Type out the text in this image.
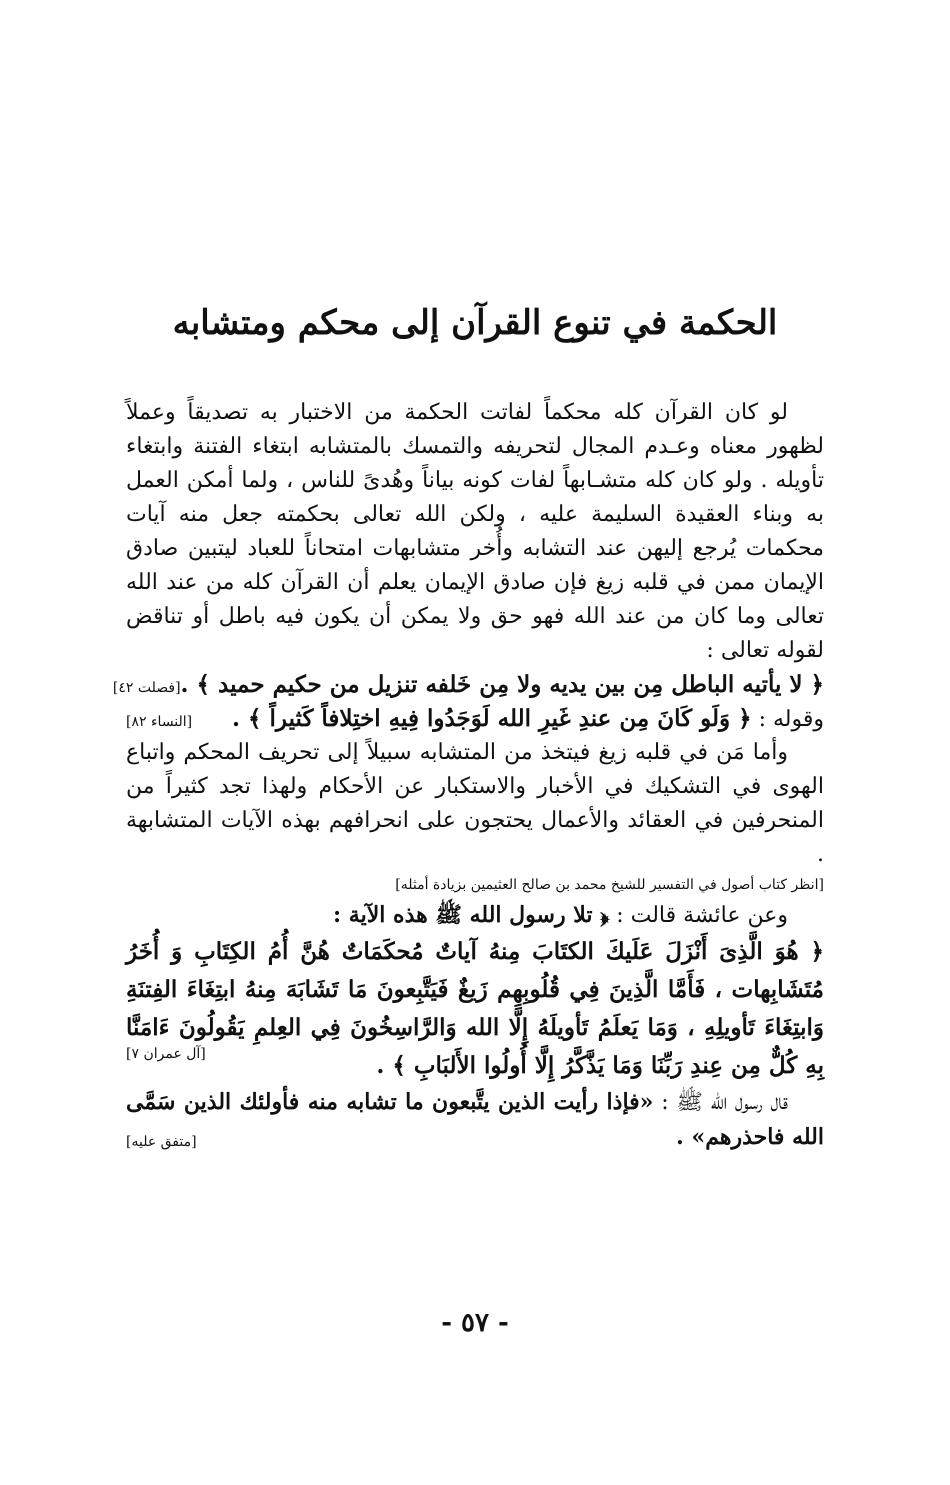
الحكمة في تنوع القرآن إلى محكم ومتشابه

لو كان القرآن كله محكماً لفاتت الحكمة من الاختبار به تصديقاً وعملاً لظهور معناه وعـدم المجال لتحريفه والتمسك بالمتشابه ابتغاء الفتنة وابتغاء تأويله . ولو كان كله متشـابهاً لفات كونه بياناً وهُدىً للناس ، ولما أمكن العمل به وبناء العقيدة السليمة عليه ، ولكن الله تعالى بحكمته جعل منه آيات محكمات يُرجع إليهن عند التشابه وأُخر متشابهات امتحاناً للعباد ليتبين صادق الإيمان ممن في قلبه زيغ فإن صادق الإيمان يعلم أن القرآن كله من عند الله تعالى وما كان من عند الله فهو حق ولا يمكن أن يكون فيه باطل أو تناقض لقوله تعالى :

﴿ لا يأتيه الباطل مِن بين يديه ولا مِن خَلفه تنزيل من حكيم حميد ﴾ .
[فصلت ٤٢]
وقوله : ﴿ وَلَو كَانَ مِن عندِ غَيرِ الله لَوَجَدُوا فِيهِ اختِلافاً كَثيراً ﴾ .
[النساء ٨٢]

وأما مَن في قلبه زيغ فيتخذ من المتشابه سبيلاً إلى تحريف المحكم واتباع الهوى في التشكيك في الأخبار والاستكبار عن الأحكام ولهذا تجد كثيراً من المنحرفين في العقائد والأعمال يحتجون على انحرافهم بهذه الآيات المتشابهة .

[انظر كتاب أصول في التفسير للشيخ محمد بن صالح العثيمين بزيادة أمثله]

وعن عائشة قالت : ﴿ تلا رسول الله ﷺ هذه الآية :

﴿ هُوَ الَّذِىَ أَنْزَلَ عَلَيكَ الكتَابَ مِنهُ آياتٌ مُحكَمَاتٌ هُنَّ أُمُ الكِتَابِ وَ أُخَرُ مُتَشَابِهات ، فَأَمَّا الَّذِينَ فِي قُلُوبِهِم زَيغٌ فَيَتَّبِعونَ مَا تَشَابَهَ مِنهُ ابتِغَاءَ الفِتنَةِ وَابتِغَاءَ تَأويلِهِ ، وَمَا يَعلَمُ تَأويلَهُ إِلَّا الله وَالرَّاسِخُونَ فِي العِلمِ يَقُولُونَ ءَامَنَّا بِهِ كُلٌّ مِن عِندِ رَبِّنَا وَمَا يَذَّكَّرُ إِلَّا أُولُوا الأَلبَابِ ﴾ .

[آل عمران ٧]

قال رسول الله ﷺ : «فإذا رأيت الذين يتَّبعون ما تشابه منه فأولئك الذين سَمَّى الله فاحذرهم» .

[متفق عليه]
- ٥٧ -
